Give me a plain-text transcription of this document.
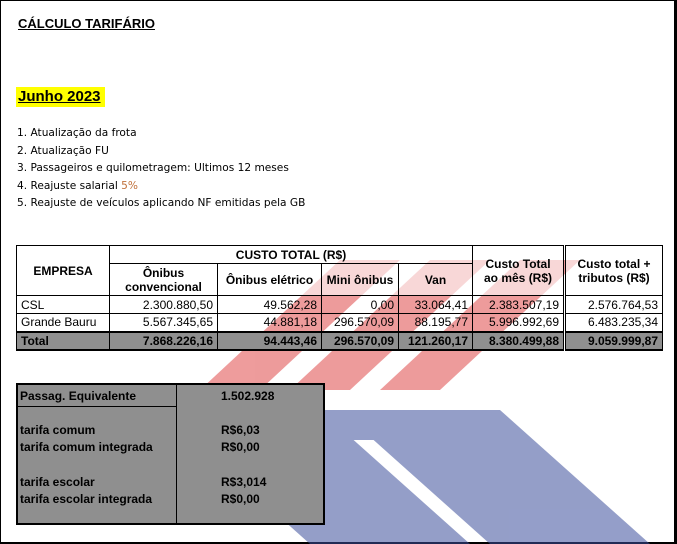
CÁLCULO TARIFÁRIO
Junho 2023
1. Atualização da frota
2. Atualização FU
3. Passageiros e quilometragem: Ultimos 12 meses
4. Reajuste salarial 5%
5. Reajuste de veículos aplicando NF emitidas pela GB
EMPRESA	CUSTO TOTAL (R$)				Custo Total ao mês (R$)	Custo total + tributos (R$)
	Ônibus convencional	Ônibus elétrico	Mini ônibus	Van		
CSL	2.300.880,50	49.562,28	0,00	33.064,41	2.383.507,19	2.576.764,53
Grande Bauru	5.567.345,65	44.881,18	296.570,09	88.195,77	5.996.992,69	6.483.235,34
Total	7.868.226,16	94.443,46	296.570,09	121.260,17	8.380.499,88	9.059.999,87
Passag. Equivalente	1.502.928
tarifa comum	R$6,03
tarifa comum integrada	R$0,00
tarifa escolar	R$3,014
tarifa escolar integrada	R$0,00
